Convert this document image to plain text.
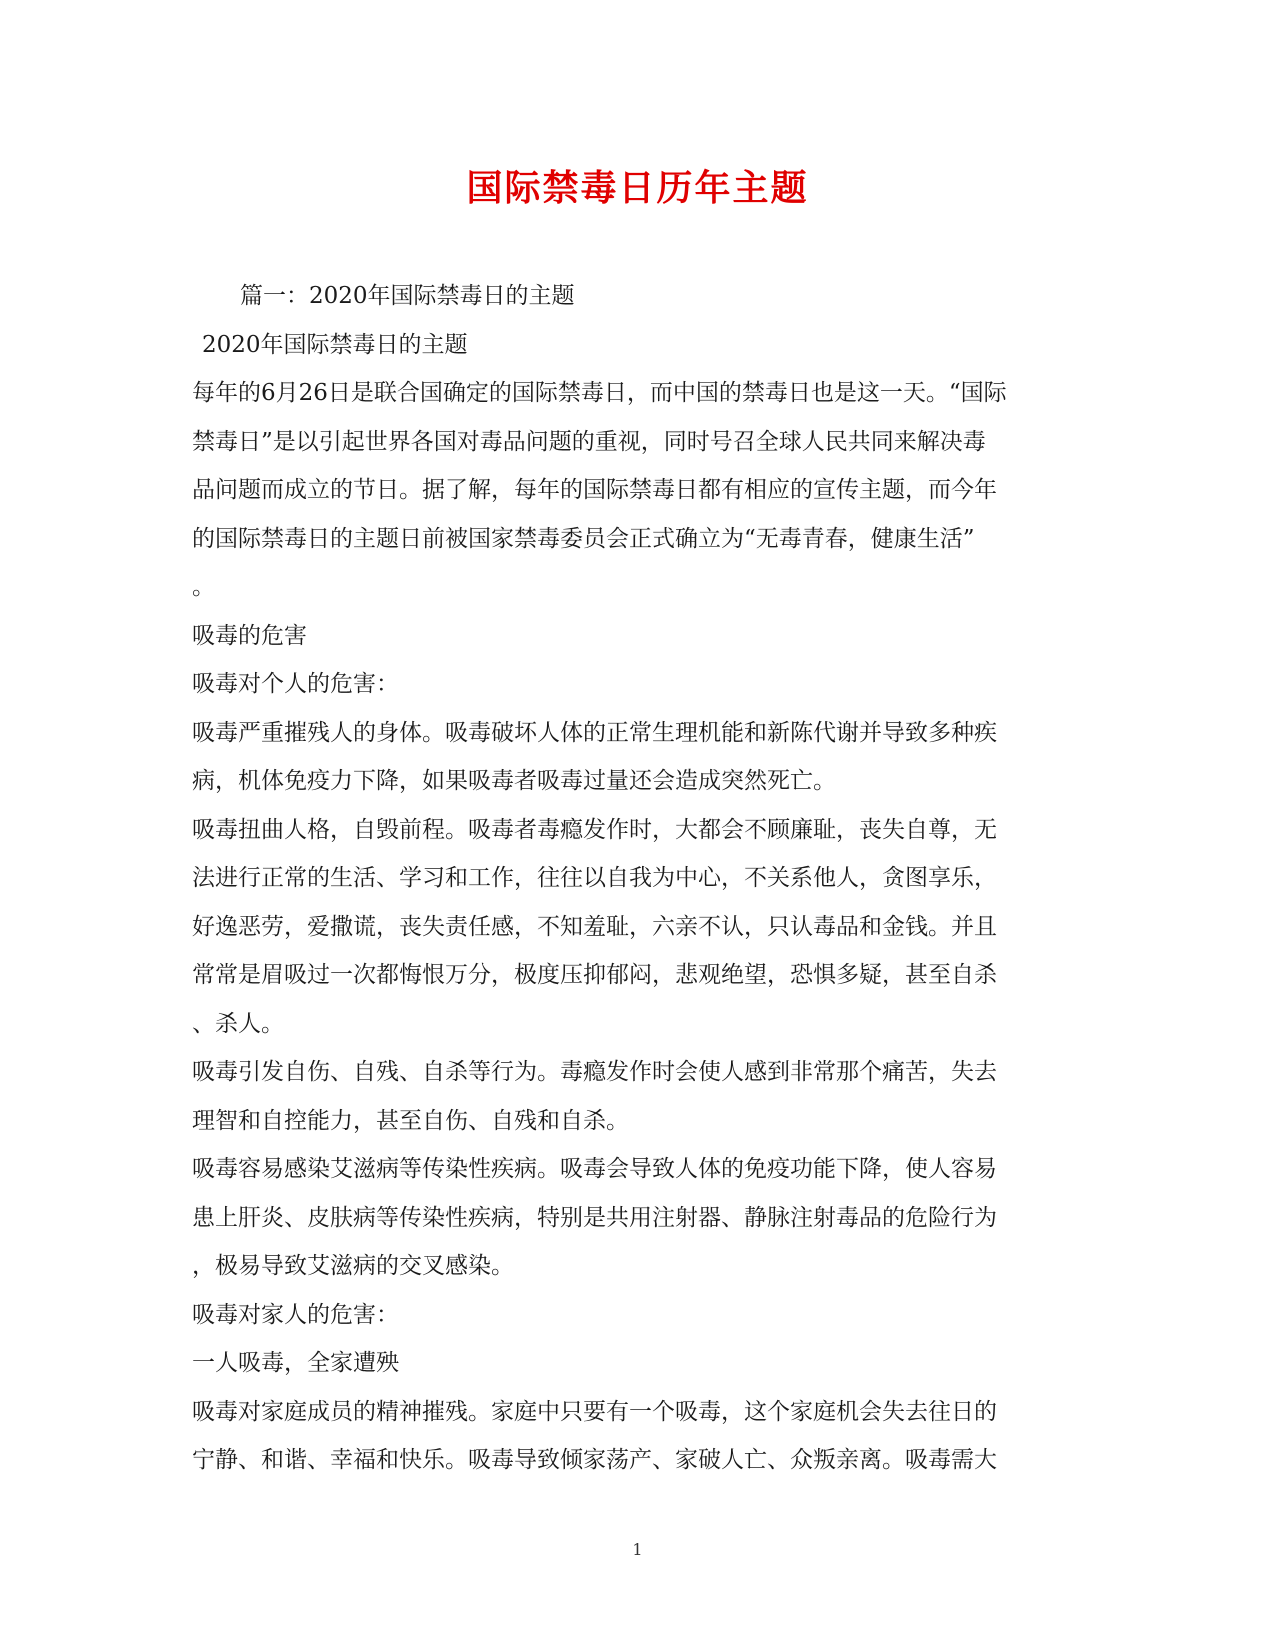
国际禁毒日历年主题
篇一：2020年国际禁毒日的主题
2020年国际禁毒日的主题
每年的6月26日是联合国确定的国际禁毒日，而中国的禁毒日也是这一天。“国际
禁毒日”是以引起世界各国对毒品问题的重视，同时号召全球人民共同来解决毒
品问题而成立的节日。据了解，每年的国际禁毒日都有相应的宣传主题，而今年
的国际禁毒日的主题日前被国家禁毒委员会正式确立为“无毒青春，健康生活”
。
吸毒的危害
吸毒对个人的危害：
吸毒严重摧残人的身体。吸毒破坏人体的正常生理机能和新陈代谢并导致多种疾
病，机体免疫力下降，如果吸毒者吸毒过量还会造成突然死亡。
吸毒扭曲人格，自毁前程。吸毒者毒瘾发作时，大都会不顾廉耻，丧失自尊，无
法进行正常的生活、学习和工作，往往以自我为中心，不关系他人，贪图享乐，
好逸恶劳，爱撒谎，丧失责任感，不知羞耻，六亲不认，只认毒品和金钱。并且
常常是眉吸过一次都悔恨万分，极度压抑郁闷，悲观绝望，恐惧多疑，甚至自杀
、杀人。
吸毒引发自伤、自残、自杀等行为。毒瘾发作时会使人感到非常那个痛苦，失去
理智和自控能力，甚至自伤、自残和自杀。
吸毒容易感染艾滋病等传染性疾病。吸毒会导致人体的免疫功能下降，使人容易
患上肝炎、皮肤病等传染性疾病，特别是共用注射器、静脉注射毒品的危险行为
，极易导致艾滋病的交叉感染。
吸毒对家人的危害：
一人吸毒，全家遭殃
吸毒对家庭成员的精神摧残。家庭中只要有一个吸毒，这个家庭机会失去往日的
宁静、和谐、幸福和快乐。吸毒导致倾家荡产、家破人亡、众叛亲离。吸毒需大
1
